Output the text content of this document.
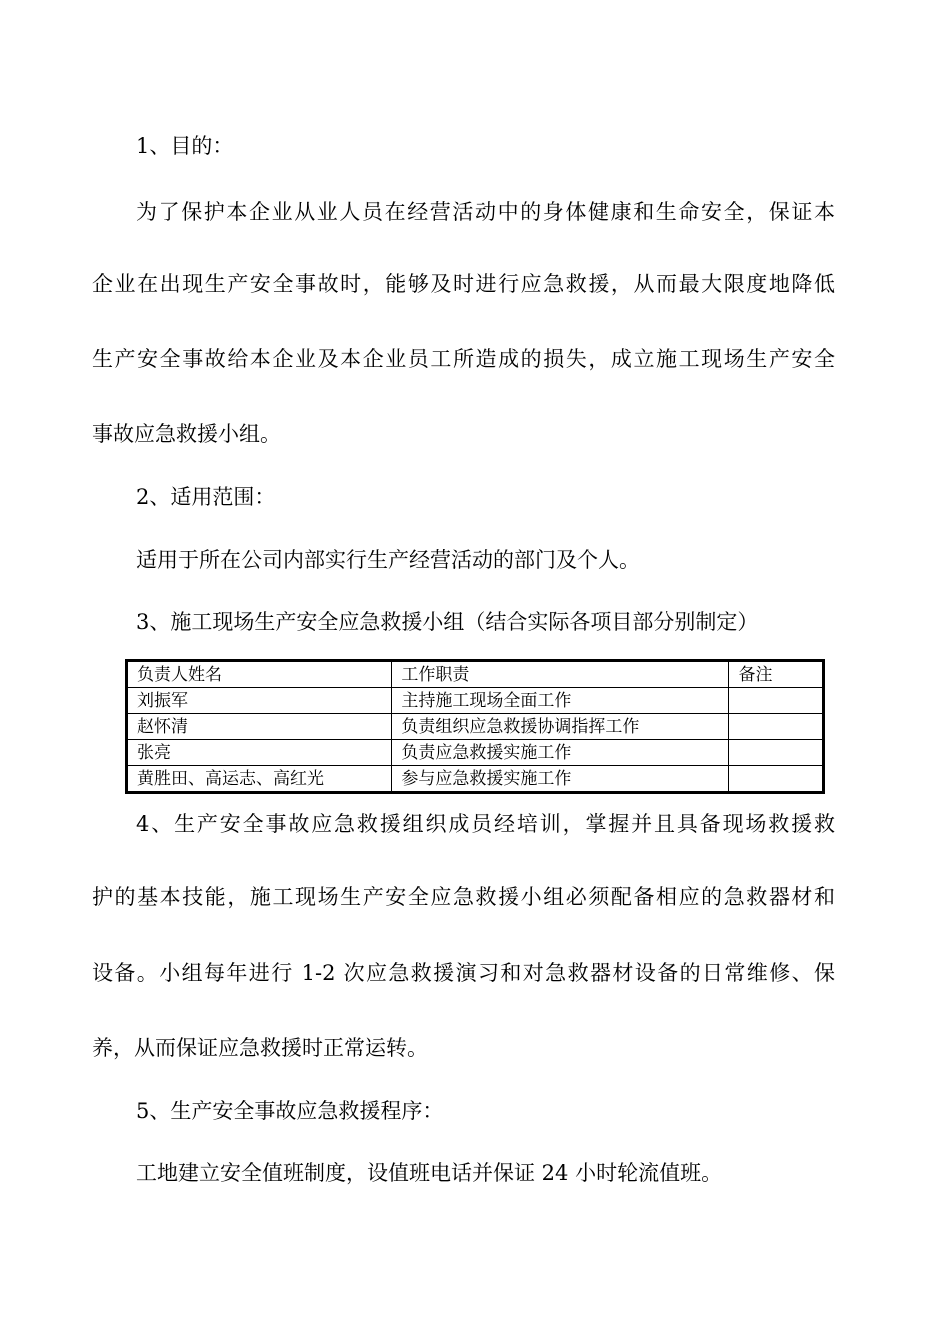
1、目的：
为了保护本企业从业人员在经营活动中的身体健康和生命安全，保证本
企业在出现生产安全事故时，能够及时进行应急救援，从而最大限度地降低
生产安全事故给本企业及本企业员工所造成的损失，成立施工现场生产安全
事故应急救援小组。
2、适用范围：
适用于所在公司内部实行生产经营活动的部门及个人。
3、施工现场生产安全应急救援小组（结合实际各项目部分别制定）
负责人姓名	工作职责	备注
刘振军	主持施工现场全面工作	
赵怀清	负责组织应急救援协调指挥工作	
张亮	负责应急救援实施工作	
黄胜田、高运志、高红光	参与应急救援实施工作	
4、生产安全事故应急救援组织成员经培训，掌握并且具备现场救援救
护的基本技能，施工现场生产安全应急救援小组必须配备相应的急救器材和
设备。小组每年进行 1-2 次应急救援演习和对急救器材设备的日常维修、保
养，从而保证应急救援时正常运转。
5、生产安全事故应急救援程序：
工地建立安全值班制度，设值班电话并保证 24 小时轮流值班。
